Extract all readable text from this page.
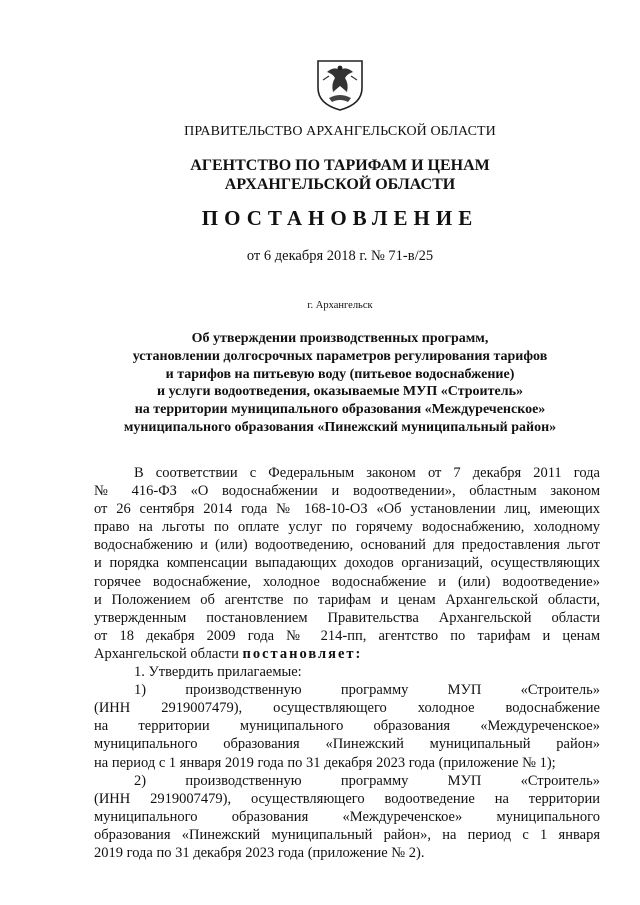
ПРАВИТЕЛЬСТВО АРХАНГЕЛЬСКОЙ ОБЛАСТИ
АГЕНТСТВО ПО ТАРИФАМ И ЦЕНАМ
АРХАНГЕЛЬСКОЙ ОБЛАСТИ
ПОСТАНОВЛЕНИЕ
от 6 декабря 2018 г. № 71-в/25
г. Архангельск
Об утверждении производственных программ,
установлении долгосрочных параметров регулирования тарифов
и тарифов на питьевую воду (питьевое водоснабжение)
и услуги водоотведения, оказываемые МУП «Строитель»
на территории муниципального образования «Междуреченское»
муниципального образования «Пинежский муниципальный район»
В соответствии с Федеральным законом от 7 декабря 2011 года
№ 416-ФЗ «О водоснабжении и водоотведении», областным законом
от 26 сентября 2014 года № 168-10-ОЗ «Об установлении лиц, имеющих
право на льготы по оплате услуг по горячему водоснабжению, холодному
водоснабжению и (или) водоотведению, оснований для предоставления льгот
и порядка компенсации выпадающих доходов организаций, осуществляющих
горячее водоснабжение, холодное водоснабжение и (или) водоотведение»
и Положением об агентстве по тарифам и ценам Архангельской области,
утвержденным постановлением Правительства Архангельской области
от 18 декабря 2009 года № 214-пп, агентство по тарифам и ценам
Архангельской области постановляет:
1. Утвердить прилагаемые:
1)	производственную	программу	МУП	«Строитель»
(ИНН 2919007479), осуществляющего холодное водоснабжение
на территории муниципального образования «Междуреченское»
муниципального образования «Пинежский муниципальный район»
на период с 1 января 2019 года по 31 декабря 2023 года (приложение № 1);
2)	производственную	программу	МУП	«Строитель»
(ИНН 2919007479), осуществляющего водоотведение на территории
муниципального образования «Междуреченское» муниципального
образования «Пинежский муниципальный район», на период с 1 января
2019 года по 31 декабря 2023 года (приложение № 2).
